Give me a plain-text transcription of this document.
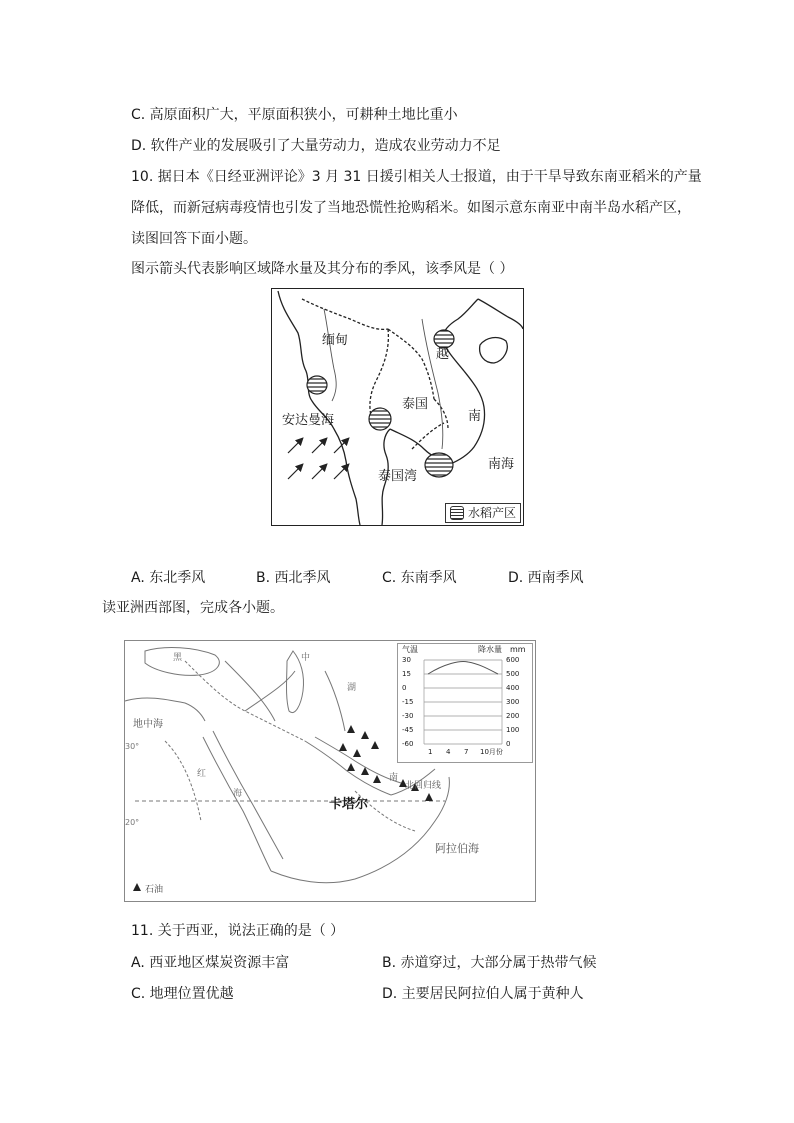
C. 高原面积广大，平原面积狭小，可耕种土地比重小
D. 软件产业的发展吸引了大量劳动力，造成农业劳动力不足
10. 据日本《日经亚洲评论》3 月 31 日援引相关人士报道，由于干旱导致东南亚稻米的产量
降低，而新冠病毒疫情也引发了当地恐慌性抢购稻米。如图示意东南亚中南半岛水稻产区，
读图回答下面小题。
图示箭头代表影响区域降水量及其分布的季风，该季风是（ ）
缅甸
泰国
安达曼海
泰国湾
南海
越
南
水稻产区
A. 东北季风	B. 西北季风	C. 东南季风	D. 西南季风
读亚洲西部图，完成各小题。
气温	降水量 mm
30
15
0
-15
-30
-45
-60
600
500
400
300
200
100
0
1 4 7 10月份
黑	中
湖
地中海
红
海
南
北回归线
卡塔尔
阿拉伯海
30°
20°
石油
11. 关于西亚，说法正确的是（ ）
A. 西亚地区煤炭资源丰富	B. 赤道穿过，大部分属于热带气候
C. 地理位置优越	D. 主要居民阿拉伯人属于黄种人
